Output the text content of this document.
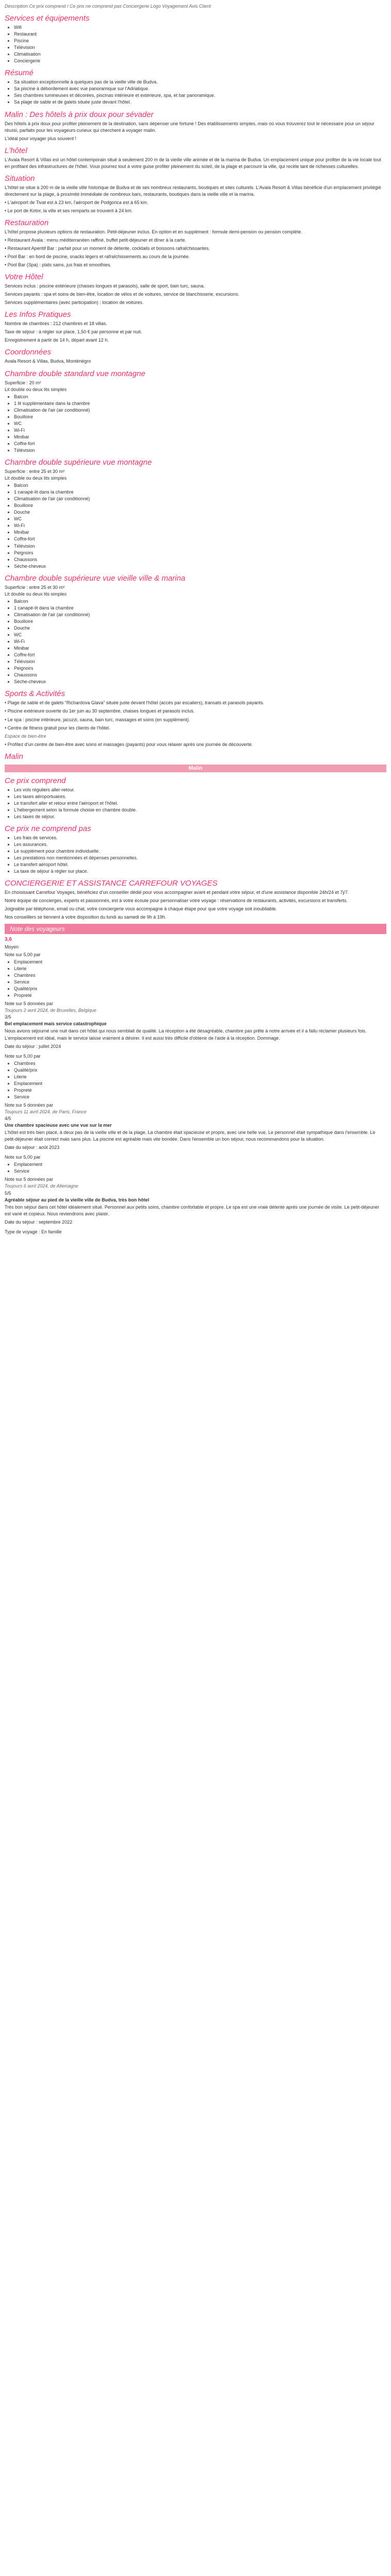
Description Ce prix comprend / Ce prix ne comprend pas Conciergerie Logo Voyagement Avis Client

Services et équipements
▪ Wifi
▪ Restaurant
▪ Piscine
▪ Télévision
▪ Climatisation
▪ Conciergerie
Résumé
▪ Sa situation exceptionnelle à quelques pas de la vieille ville de Budva.
▪ Sa piscine à débordement avec vue panoramique sur l'Adriatique.
▪ Ses chambres lumineuses et décorées, piscinas intérieure et extérieure, spa, et bar panoramique.
▪ Sa plage de sable et de galets située juste devant l'hôtel.
Malin : Des hôtels à prix doux pour sévader

Des hôtels à prix doux pour profiter pleinement de la destination, sans dépenser une fortune ! Des établissements simples, mais où vous trouverez tout le nécessaire pour un séjour réussi, parfaits pour les voyageurs curieux qui cherchent à voyager malin.

L'idéal pour voyager plus souvent !

L'hôtel

L'Avala Resort & Villas est un hôtel contemporain situé à seulement 200 m de la vieille ville animée et de la marina de Budva. Un emplacement unique pour profiter de la vie locale tout en profitant des infrastructures de l'hôtel. Vous pourrez tout à votre guise profiter pleinement du soleil, de la plage et parcourir la ville, qui recèle tant de richesses culturelles.

Situation

L'hôtel se situe à 200 m de la vieille ville historique de Budva et de ses nombreux restaurants, boutiques et sites culturels. L'Avala Resort & Villas bénéficie d'un emplacement privilégié directement sur la plage, à proximité immédiate de nombreux bars, restaurants, boutiques dans la vieille ville et la marina.

• L'aéroport de Tivat est à 23 km, l'aéroport de Podgorica est à 65 km.

• Le port de Kotor, la ville et ses remparts se trouvent à 24 km.

Restauration

L'hôtel propose plusieurs options de restauration. Petit-déjeuner inclus. En option et en supplément : formule demi-pension ou pension complète.

• Restaurant Avala : menu méditerranéen raffiné, buffet petit-déjeuner et dîner à la carte.

• Restaurant Aperitif Bar : parfait pour un moment de détente, cocktails et boissons rafraîchissantes.

• Pool Bar : en bord de piscine, snacks légers et rafraîchissements au cours de la journée.

• Pool Bar (Spa) : plats sains, jus frais et smoothies.

Votre Hôtel

Services inclus : piscine extérieure (chaises longues et parasols), salle de sport, bain turc, sauna.

Services payants : spa et soins de bien-être, location de vélos et de voitures, service de blanchisserie, excursions.

Services supplémentaires (avec participation) : location de voitures.

Les Infos Pratiques

Nombre de chambres : 212 chambres et 18 villas.

Taxe de séjour : à régler sur place, 1,50 € par personne et par nuit.

Enregistrement à partir de 14 h, départ avant 12 h.

Coordonnées

Avala Resort & Villas, Budva, Monténégro

Chambre double standard vue montagne

Superficie : 20 m²

Lit double ou deux lits simples

▪ Balcon
▪ 1 lit supplémentaire dans la chambre
▪ Climatisation de l'air (air conditionné)
▪ Bouilloire
▪ WC
▪ Wi-Fi
▪ Minibar
▪ Coffre-fort
▪ Télévision
Chambre double supérieure vue montagne

Superficie : entre 25 et 30 m²

Lit double ou deux lits simples

▪ Balcon
▪ 1 canapé-lit dans la chambre
▪ Climatisation de l'air (air conditionné)
▪ Bouilloire
▪ Douche
▪ WC
▪ Wi-Fi
▪ Minibar
▪ Coffre-fort
▪ Télévision
▪ Peignoirs
▪ Chaussons
▪ Sèche-cheveux
Chambre double supérieure vue vieille ville & marina

Superficie : entre 25 et 30 m²

Lit double ou deux lits simples

▪ Balcon
▪ 1 canapé-lit dans la chambre
▪ Climatisation de l'air (air conditionné)
▪ Bouilloire
▪ Douche
▪ WC
▪ Wi-Fi
▪ Minibar
▪ Coffre-fort
▪ Télévision
▪ Peignoirs
▪ Chaussons
▪ Sèche-cheveux
Sports & Activités

• Plage de sable et de galets “Richardova Glava” située juste devant l'hôtel (accès par escaliers), transats et parasols payants.

• Piscine extérieure ouverte du 1er juin au 30 septembre, chaises longues et parasols inclus.

• Le spa : piscine intérieure, jacuzzi, sauna, bain turc, massages et soins (en supplément).

• Centre de fitness gratuit pour les clients de l'hôtel.

Espace de bien-être

• Profitez d'un centre de bien-être avec soins et massages (payants) pour vous relaxer après une journée de découverte.

Malin
Malin
Ce prix comprend
▪ Les vols réguliers aller-retour.
▪ Les taxes aéroportuaires.
▪ Le transfert aller et retour entre l'aéroport et l'hôtel.
▪ L'hébergement selon la formule choisie en chambre double.
▪ Les taxes de séjour.
Ce prix ne comprend pas
▪ Les frais de services.
▪ Les assurances.
▪ Le supplément pour chambre individuelle.
▪ Les prestations non mentionnées et dépenses personnelles.
▪ Le transfert aéroport hôtel.
▪ La taxe de séjour à régler sur place.
CONCIERGERIE ET ASSISTANCE CARREFOUR VOYAGES

En choisissant Carrefour Voyages, bénéficiez d'un conseiller dédié pour vous accompagner avant et pendant votre séjour, et d'une assistance disponible 24h/24 et 7j/7.

Notre équipe de concierges, experts et passionnés, est à votre écoute pour personnaliser votre voyage : réservations de restaurants, activités, excursions et transferts.

Joignable par téléphone, email ou chat, votre conciergerie vous accompagne à chaque étape pour que votre voyage soit inoubliable.

Nos conseillers se tiennent à votre disposition du lundi au samedi de 9h à 19h.

Note des voyageurs

3,6

Moyen

Note sur 5,00 par

▪ Emplacement
▪ Literie
▪ Chambres
▪ Service
▪ Qualité/prix
▪ Propreté

Note sur 5 données par

Toujours 2 avril 2024, de Bruxelles, Belgique

3/5

Bel emplacement mais service catastrophique

Nous avions séjourné une nuit dans cet hôtel qui nous semblait de qualité. La réception a été désagréable, chambre pas prête à notre arrivée et il a fallu réclamer plusieurs fois. L'emplacement est idéal, mais le service laisse vraiment à désirer. Il est aussi très difficile d'obtenir de l'aide à la réception. Dommage.

Date du séjour : juillet 2024

Note sur 5,00 par

▪ Chambres
▪ Qualité/prix
▪ Literie
▪ Emplacement
▪ Propreté
▪ Service

Note sur 5 données par

Toujours 11 avril 2024, de Paris, France

4/5

Une chambre spacieuse avec une vue sur la mer

L'hôtel est très bien placé, à deux pas de la vieille ville et de la plage. La chambre était spacieuse et propre, avec une belle vue. Le personnel était sympathique dans l'ensemble. Le petit-déjeuner était correct mais sans plus. La piscine est agréable mais vite bondée. Dans l'ensemble un bon séjour, nous recommandons pour la situation.

Date du séjour : août 2023

Note sur 5,00 par

▪ Emplacement
▪ Service

Note sur 5 données par

Toujours 6 avril 2024, de Allemagne

5/5

Agréable séjour au pied de la vieille ville de Budva, très bon hôtel

Très bon séjour dans cet hôtel idéalement situé. Personnel aux petits soins, chambre confortable et propre. Le spa est une vraie détente après une journée de visite. Le petit-déjeuner est varié et copieux. Nous reviendrons avec plaisir.

Date du séjour : septembre 2022

Type de voyage : En famille
